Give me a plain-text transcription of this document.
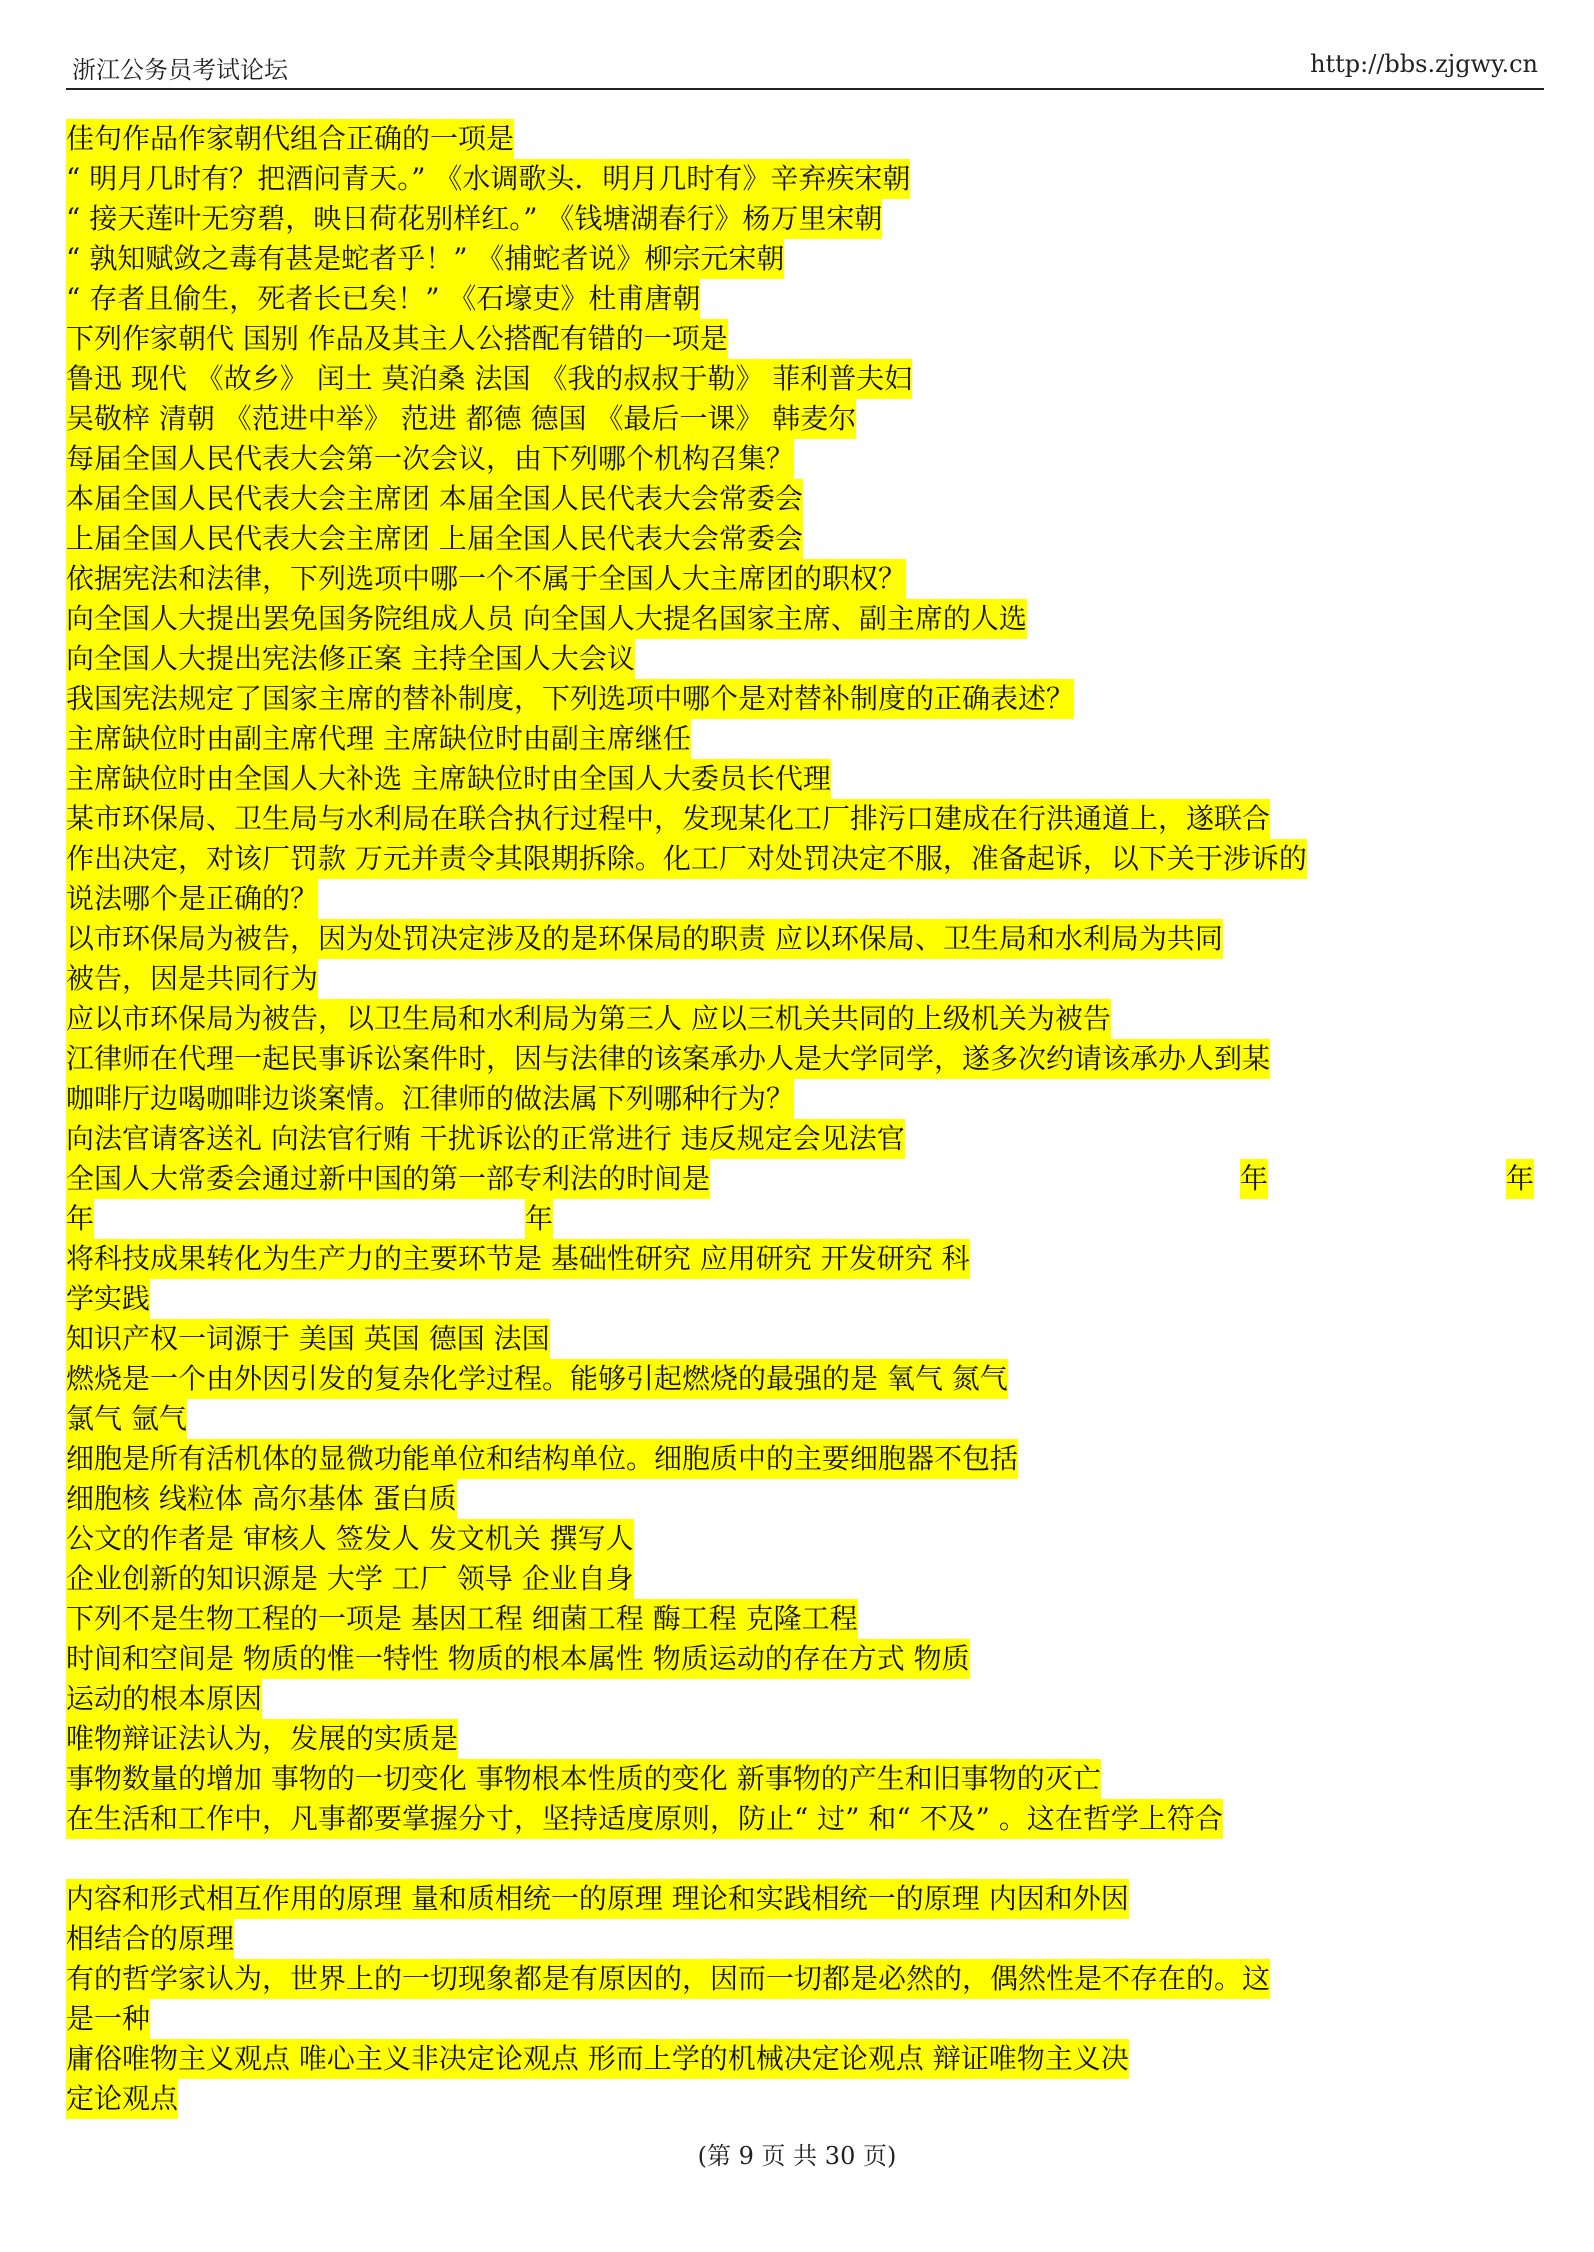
浙江公务员考试论坛	http://bbs.zjgwy.cn
佳句作品作家朝代组合正确的一项是
“ 明月几时有？把酒问青天。” 《水调歌头．明月几时有》辛弃疾宋朝
“ 接天莲叶无穷碧，映日荷花别样红。” 《钱塘湖春行》杨万里宋朝
“ 孰知赋敛之毒有甚是蛇者乎！” 《捕蛇者说》柳宗元宋朝
“ 存者且偷生，死者长已矣！” 《石壕吏》杜甫唐朝
下列作家朝代 国别 作品及其主人公搭配有错的一项是
鲁迅 现代 《故乡》 闰土 莫泊桑 法国 《我的叔叔于勒》 菲利普夫妇
吴敬梓 清朝 《范进中举》 范进 都德 德国 《最后一课》 韩麦尔
每届全国人民代表大会第一次会议，由下列哪个机构召集？
本届全国人民代表大会主席团 本届全国人民代表大会常委会
上届全国人民代表大会主席团 上届全国人民代表大会常委会
依据宪法和法律，下列选项中哪一个不属于全国人大主席团的职权？
向全国人大提出罢免国务院组成人员 向全国人大提名国家主席、副主席的人选
向全国人大提出宪法修正案 主持全国人大会议
我国宪法规定了国家主席的替补制度，下列选项中哪个是对替补制度的正确表述？
主席缺位时由副主席代理 主席缺位时由副主席继任
主席缺位时由全国人大补选 主席缺位时由全国人大委员长代理
某市环保局、卫生局与水利局在联合执行过程中，发现某化工厂排污口建成在行洪通道上，遂联合
作出决定，对该厂罚款 万元并责令其限期拆除。化工厂对处罚决定不服，准备起诉，以下关于涉诉的
说法哪个是正确的？
以市环保局为被告，因为处罚决定涉及的是环保局的职责 应以环保局、卫生局和水利局为共同
被告，因是共同行为
应以市环保局为被告，以卫生局和水利局为第三人 应以三机关共同的上级机关为被告
江律师在代理一起民事诉讼案件时，因与法律的该案承办人是大学同学，遂多次约请该承办人到某
咖啡厅边喝咖啡边谈案情。江律师的做法属下列哪种行为？
向法官请客送礼 向法官行贿 干扰诉讼的正常进行 违反规定会见法官
全国人大常委会通过新中国的第一部专利法的时间是	年	年
年	年
将科技成果转化为生产力的主要环节是 基础性研究 应用研究 开发研究 科
学实践
知识产权一词源于 美国 英国 德国 法国
燃烧是一个由外因引发的复杂化学过程。能够引起燃烧的最强的是 氧气 氮气
氯气 氩气
细胞是所有活机体的显微功能单位和结构单位。细胞质中的主要细胞器不包括
细胞核 线粒体 高尔基体 蛋白质
公文的作者是 审核人 签发人 发文机关 撰写人
企业创新的知识源是 大学 工厂 领导 企业自身
下列不是生物工程的一项是 基因工程 细菌工程 酶工程 克隆工程
时间和空间是 物质的惟一特性 物质的根本属性 物质运动的存在方式 物质
运动的根本原因
唯物辩证法认为，发展的实质是
事物数量的增加 事物的一切变化 事物根本性质的变化 新事物的产生和旧事物的灭亡
在生活和工作中，凡事都要掌握分寸，坚持适度原则，防止“ 过” 和“ 不及” 。这在哲学上符合
内容和形式相互作用的原理 量和质相统一的原理 理论和实践相统一的原理 内因和外因
相结合的原理
有的哲学家认为，世界上的一切现象都是有原因的，因而一切都是必然的，偶然性是不存在的。这
是一种
庸俗唯物主义观点 唯心主义非决定论观点 形而上学的机械决定论观点 辩证唯物主义决
定论观点
(第 9 页 共 30 页)
